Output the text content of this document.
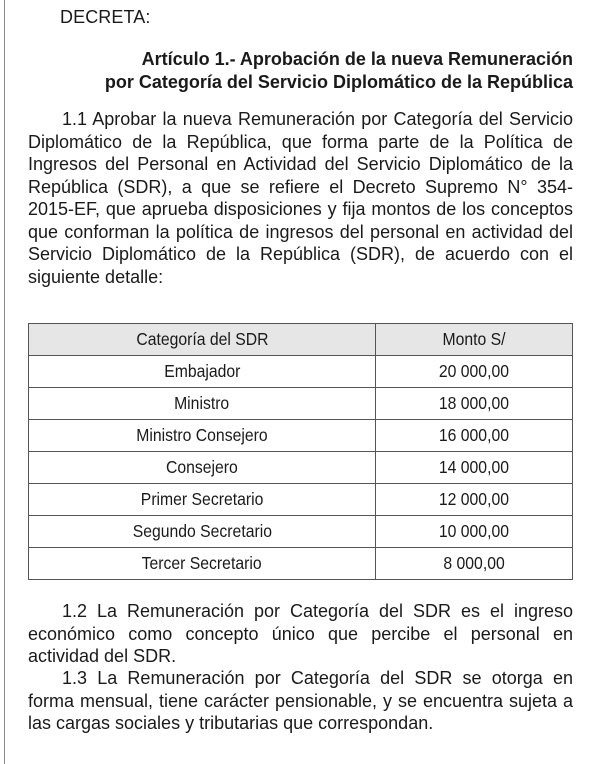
DECRETA:
Artículo 1.- Aprobación de la nueva Remuneración
por Categoría del Servicio Diplomático de la República
1.1 Aprobar la nueva Remuneración por Categoría del Servicio Diplomático de la República, que forma parte de la Política de Ingresos del Personal en Actividad del Servicio Diplomático de la República (SDR), a que se refiere el Decreto Supremo N° 354-2015-EF, que aprueba disposiciones y fija montos de los conceptos que conforman la política de ingresos del personal en actividad del Servicio Diplomático de la República (SDR), de acuerdo con el siguiente detalle:
Categoría del SDR	Monto S/
Embajador	20 000,00
Ministro	18 000,00
Ministro Consejero	16 000,00
Consejero	14 000,00
Primer Secretario	12 000,00
Segundo Secretario	10 000,00
Tercer Secretario	8 000,00
1.2 La Remuneración por Categoría del SDR es el ingreso económico como concepto único que percibe el personal en actividad del SDR.
1.3 La Remuneración por Categoría del SDR se otorga en forma mensual, tiene carácter pensionable, y se encuentra sujeta a las cargas sociales y tributarias que correspondan.
